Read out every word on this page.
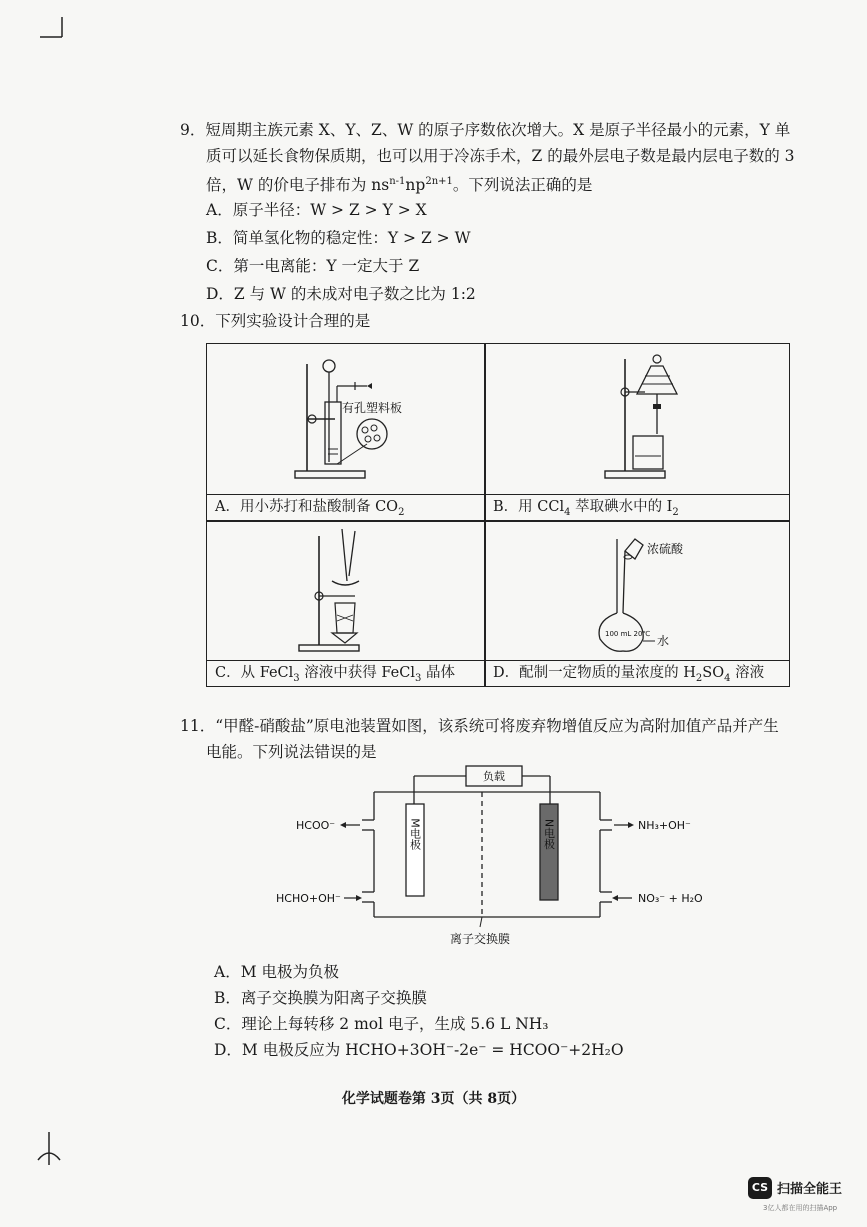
9．短周期主族元素 X、Y、Z、W 的原子序数依次增大。X 是原子半径最小的元素，Y 单
质可以延长食物保质期，也可以用于冷冻手术，Z 的最外层电子数是最内层电子数的 3
倍，W 的价电子排布为 $ns^{n-1}np^{2n+1}$。下列说法正确的是
A．原子半径：W > Z > Y > X
B．简单氢化物的稳定性：Y > Z > W
C．第一电离能：Y 一定大于 Z
D．Z 与 W 的未成对电子数之比为 1:2
10．下列实验设计合理的是
有孔塑料板
A．用小苏打和盐酸制备 $CO_2$	B．用 CCl$_4$ 萃取碘水中的 $I_2$
C．从 FeCl$_3$ 溶液中获得 FeCl$_3$ 晶体
100 mL 20℃
浓硫酸
水
D．配制一定物质的量浓度的 $H_2SO_4$ 溶液
11．“甲醛-硝酸盐”原电池装置如图，该系统可将废弃物增值反应为高附加值产品并产生
电能。下列说法错误的是
负载
M电极	N电极
离子交换膜
HCOO⁻
HCHO+OH⁻
NH₃+OH⁻
NO₃⁻ + H₂O
A．M 电极为负极
B．离子交换膜为阳离子交换膜
C．理论上每转移 2 mol 电子，生成 5.6 L NH₃
D．M 电极反应为 HCHO+3OH⁻-2e⁻ = HCOO⁻+2H₂O
化学试题卷第 3页（共 8页）
CS 扫描全能王
3亿人都在用的扫描App
